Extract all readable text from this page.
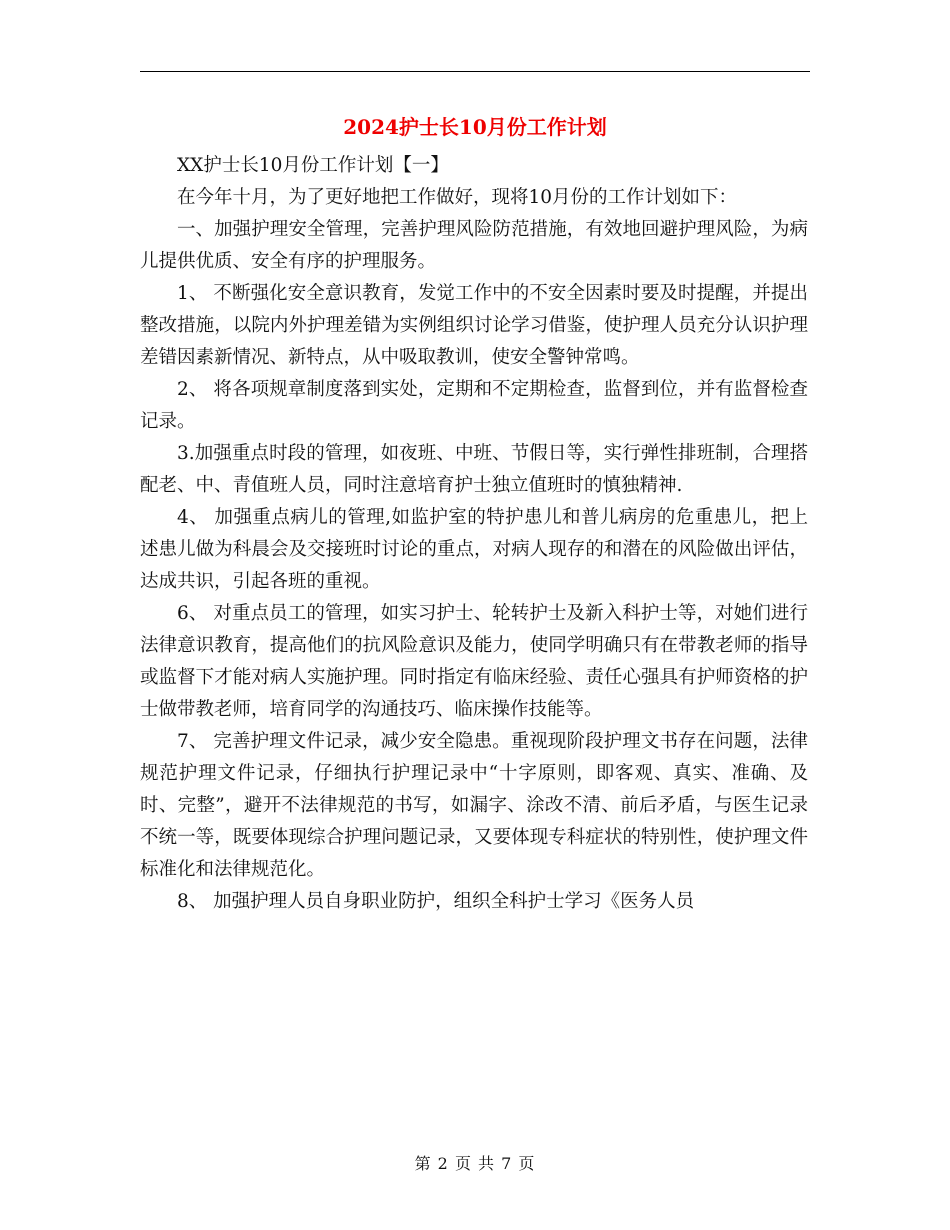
2024护士长10月份工作计划

XX护士长10月份工作计划【一】

在今年十月，为了更好地把工作做好，现将10月份的工作计划如下：

一、加强护理安全管理，完善护理风险防范措施，有效地回避护理风险，为病儿提供优质、安全有序的护理服务。

1、 不断强化安全意识教育，发觉工作中的不安全因素时要及时提醒，并提出整改措施，以院内外护理差错为实例组织讨论学习借鉴，使护理人员充分认识护理差错因素新情况、新特点，从中吸取教训，使安全警钟常鸣。

2、 将各项规章制度落到实处，定期和不定期检查，监督到位，并有监督检查记录。

3.加强重点时段的管理，如夜班、中班、节假日等，实行弹性排班制，合理搭配老、中、青值班人员，同时注意培育护士独立值班时的慎独精神.

4、 加强重点病儿的管理,如监护室的特护患儿和普儿病房的危重患儿，把上述患儿做为科晨会及交接班时讨论的重点，对病人现存的和潜在的风险做出评估，达成共识，引起各班的重视。

6、 对重点员工的管理，如实习护士、轮转护士及新入科护士等，对她们进行法律意识教育，提高他们的抗风险意识及能力，使同学明确只有在带教老师的指导或监督下才能对病人实施护理。同时指定有临床经验、责任心强具有护师资格的护士做带教老师，培育同学的沟通技巧、临床操作技能等。

7、 完善护理文件记录，减少安全隐患。重视现阶段护理文书存在问题，法律规范护理文件记录，仔细执行护理记录中“十字原则，即客观、真实、准确、及时、完整”，避开不法律规范的书写，如漏字、涂改不清、前后矛盾，与医生记录不统一等，既要体现综合护理问题记录，又要体现专科症状的特别性，使护理文件标准化和法律规范化。

8、 加强护理人员自身职业防护，组织全科护士学习《医务人员

第 2 页 共 7 页
